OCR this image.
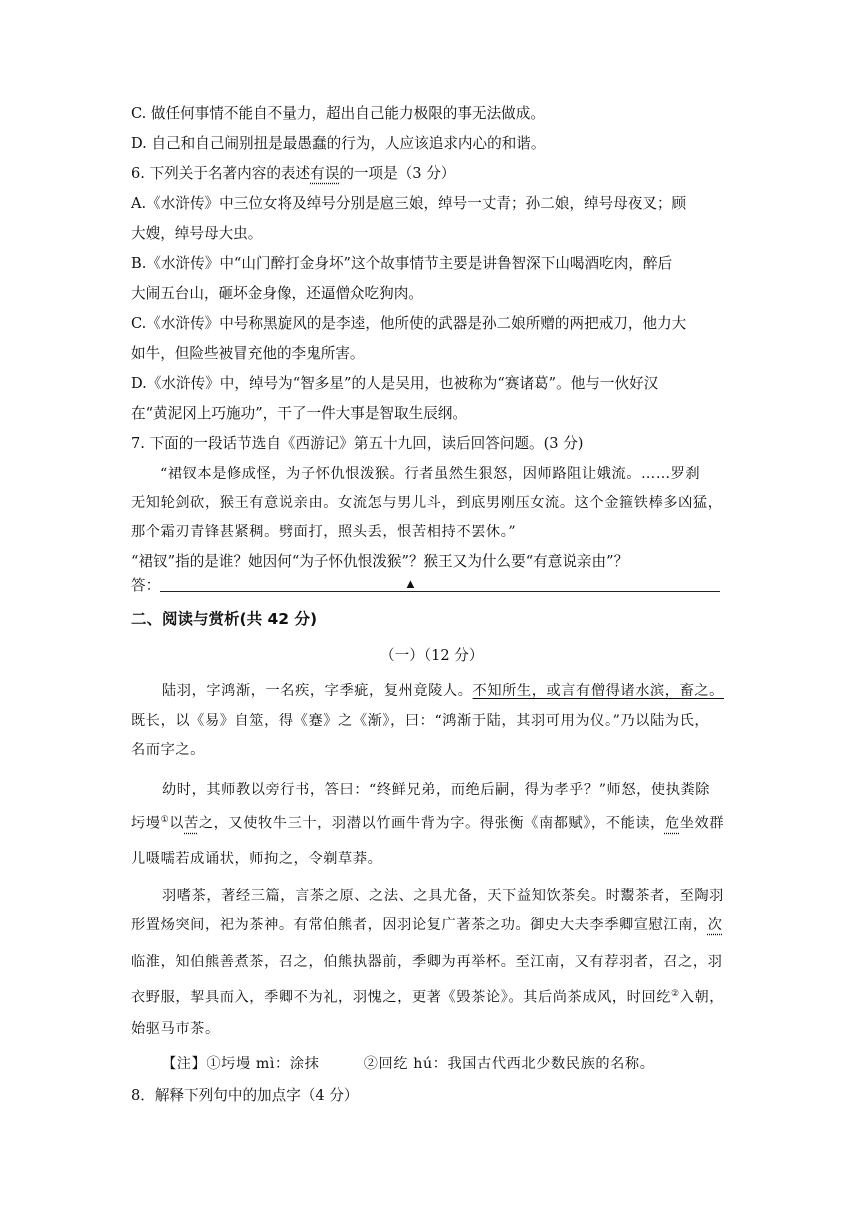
C. 做任何事情不能自不量力，超出自己能力极限的事无法做成。
D. 自己和自己闹别扭是最愚蠢的行为，人应该追求内心的和谐。
6. 下列关于名著内容的表述有误的一项是（3 分）
A.《水浒传》中三位女将及绰号分别是扈三娘，绰号一丈青；孙二娘，绰号母夜叉；顾
大嫂，绰号母大虫。
B.《水浒传》中“山门醉打金身坏”这个故事情节主要是讲鲁智深下山喝酒吃肉，醉后
大闹五台山，砸坏金身像，还逼僧众吃狗肉。
C.《水浒传》中号称黑旋风的是李逵，他所使的武器是孙二娘所赠的两把戒刀，他力大
如牛，但险些被冒充他的李鬼所害。
D.《水浒传》中，绰号为“智多星”的人是吴用，也被称为“赛诸葛”。他与一伙好汉
在“黄泥冈上巧施功”，干了一件大事是智取生辰纲。
7. 下面的一段话节选自《西游记》第五十九回，读后回答问题。(3 分)
“裙钗本是修成怪，为子怀仇恨泼猴。行者虽然生狠怒，因师路阻让娥流。……罗刹
无知轮剑砍，猴王有意说亲由。女流怎与男儿斗，到底男刚压女流。这个金箍铁棒多凶猛，
那个霜刃青锋甚紧稠。劈面打，照头丢，恨苦相持不罢休。”
“裙钗”指的是谁？她因何“为子怀仇恨泼猴”？猴王又为什么要“有意说亲由”？
答：	▲
二、阅读与赏析(共 42 分)
（一）（12 分）
陆羽，字鸿渐，一名疾，字季疵，复州竟陵人。不知所生，或言有僧得诸水滨，畜之。
既长，以《易》自筮，得《蹇》之《渐》，曰：“鸿渐于陆，其羽可用为仪。”乃以陆为氏，
名而字之。
幼时，其师教以旁行书，答曰：“终鲜兄弟，而绝后嗣，得为孝乎？”师怒，使执粪除
圬墁①以苦之，又使牧牛三十，羽潜以竹画牛背为字。得张衡《南都赋》，不能读，危坐效群
儿嗫嚅若成诵状，师拘之，令剃草莽。
羽嗜茶，著经三篇，言茶之原、之法、之具尤备，天下益知饮茶矣。时鬻茶者，至陶羽
形置炀突间，祀为茶神。有常伯熊者，因羽论复广著茶之功。御史大夫李季卿宣慰江南，次
临淮，知伯熊善煮茶，召之，伯熊执器前，季卿为再举杯。至江南，又有荐羽者，召之，羽
衣野服，挈具而入，季卿不为礼，羽愧之，更著《毁茶论》。其后尚茶成风，时回纥②入朝，
始驱马市茶。
【注】①圬墁 mì：涂抹　　　②回纥 hú：我国古代西北少数民族的名称。
8．解释下列句中的加点字（4 分）
